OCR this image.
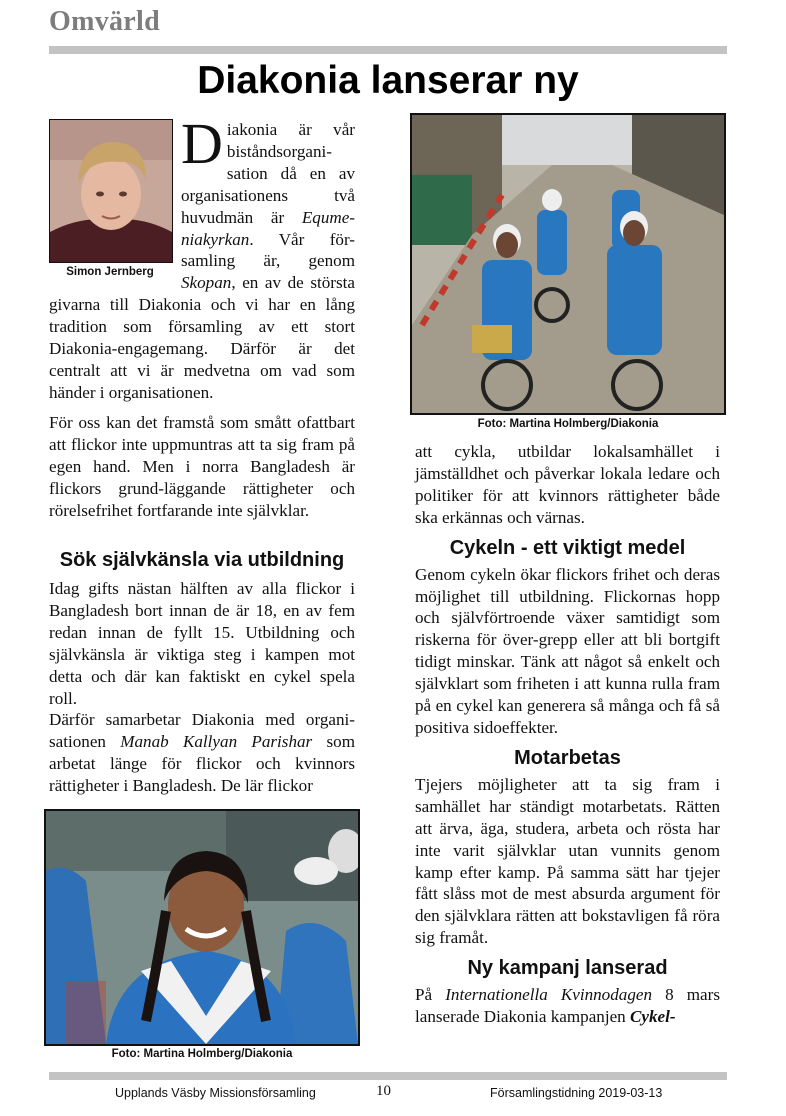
Omvärld
Diakonia lanserar ny
Simon Jernberg
Diakonia är vår biståndsorgani-sation då en av organisationens två huvudmän är Equme-niakyrkan. Vår för-samling är, genom Skopan, en av de största givarna till Diakonia och vi har en lång tradition som församling av ett stort Diakonia-engagemang. Därför är det centralt att vi är medvetna om vad som händer i organisationen.
För oss kan det framstå som smått ofattbart att flickor inte uppmuntras att ta sig fram på egen hand. Men i norra Bangladesh är flickors grund-läggande rättigheter och rörelsefrihet fortfarande inte självklar.
Sök självkänsla via utbildning

Idag gifts nästan hälften av alla flickor i Bangladesh bort innan de är 18, en av fem redan innan de fyllt 15. Utbildning och självkänsla är viktiga steg i kampen mot detta och där kan faktiskt en cykel spela roll.

Därför samarbetar Diakonia med organi-sationen Manab Kallyan Parishar som arbetat länge för flickor och kvinnors rättigheter i Bangladesh. De lär flickor

Foto: Martina Holmberg/Diakonia
Foto: Martina Holmberg/Diakonia

att cykla, utbildar lokalsamhället i jämställdhet och påverkar lokala ledare och politiker för att kvinnors rättigheter både ska erkännas och värnas.

Cykeln - ett viktigt medel

Genom cykeln ökar flickors frihet och deras möjlighet till utbildning. Flickornas hopp och självförtroende växer samtidigt som riskerna för över-grepp eller att bli bortgift tidigt minskar. Tänk att något så enkelt och självklart som friheten i att kunna rulla fram på en cykel kan generera så många och få så positiva sidoeffekter.

Motarbetas

Tjejers möjligheter att ta sig fram i samhället har ständigt motarbetats. Rätten att ärva, äga, studera, arbeta och rösta har inte varit självklar utan vunnits genom kamp efter kamp. På samma sätt har tjejer fått slåss mot de mest absurda argument för den självklara rätten att bokstavligen få röra sig framåt.

Ny kampanj lanserad

På Internationella Kvinnodagen 8 mars lanserade Diakonia kampanjen Cykel-

Upplands Väsby Missionsförsamling	10	Församlingstidning 2019-03-13
